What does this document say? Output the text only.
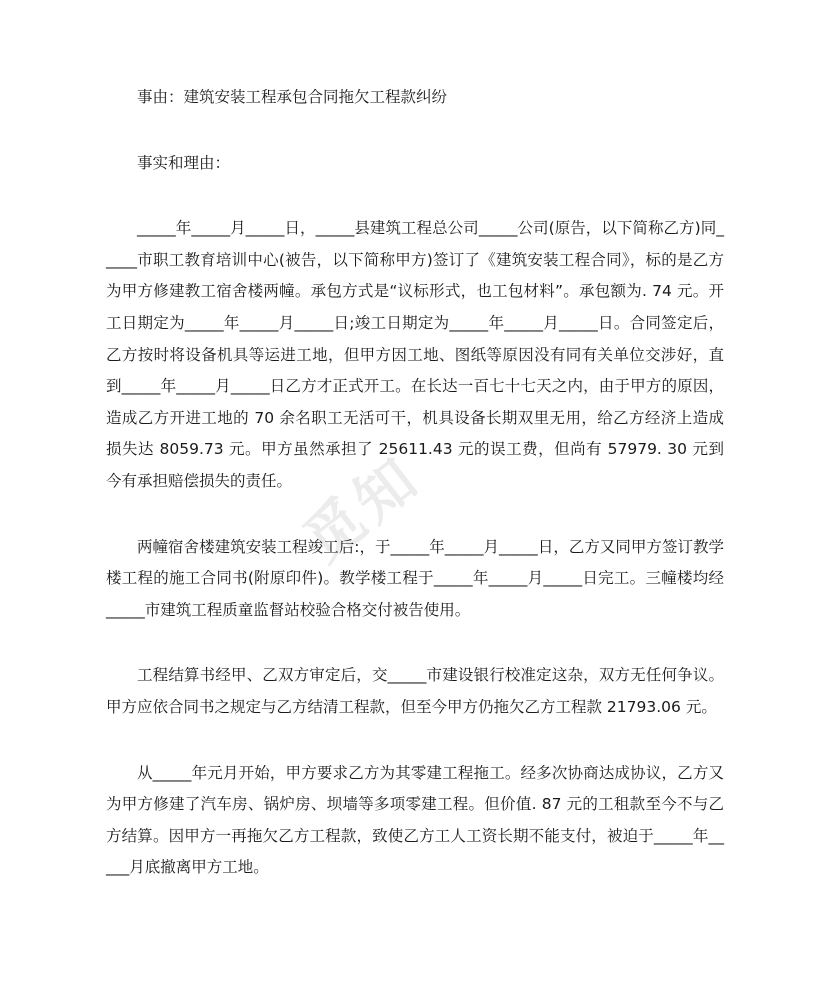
觅知

事由：建筑安装工程承包合同拖欠工程款纠纷

事实和理由：

_____年_____月_____日，_____县建筑工程总公司_____公司(原告，以下简称乙方)同_____市职工教育培训中心(被告，以下简称甲方)签订了《建筑安装工程合同》，标的是乙方为甲方修建教工宿舍楼两幢。承包方式是“议标形式，也工包材料”。承包额为. 74 元。开工日期定为_____年_____月_____日;竣工日期定为_____年_____月_____日。合同签定后，乙方按时将设备机具等运进工地，但甲方因工地、图纸等原因没有同有关单位交涉好，直到_____年_____月_____日乙方才正式开工。在长达一百七十七天之内，由于甲方的原因，造成乙方开进工地的 70 余名职工无活可干，机具设备长期双里无用，给乙方经济上造成损失达 8059.73 元。甲方虽然承担了 25611.43 元的误工费，但尚有 57979. 30 元到今有承担赔偿损失的责任。

两幢宿舍楼建筑安装工程竣工后:，于_____年_____月_____日，乙方又同甲方签订教学楼工程的施工合同书(附原印件)。教学楼工程于_____年_____月_____日完工。三幢楼均经 _____市建筑工程质童监督站校验合格交付被告使用。

工程结算书经甲、乙双方审定后，交_____市建设银行校准定这杂，双方无任何争议。甲方应依合同书之规定与乙方结清工程款，但至今甲方仍拖欠乙方工程款 21793.06 元。

从_____年元月开始，甲方要求乙方为其零建工程拖工。经多次协商达成协议，乙方又为甲方修建了汽车房、锅炉房、坝墙等多项零建工程。但价值. 87 元的工租款至今不与乙方结算。因甲方一再拖欠乙方工程款，致使乙方工人工资长期不能支付，被迫于_____年_____月底撤离甲方工地。
